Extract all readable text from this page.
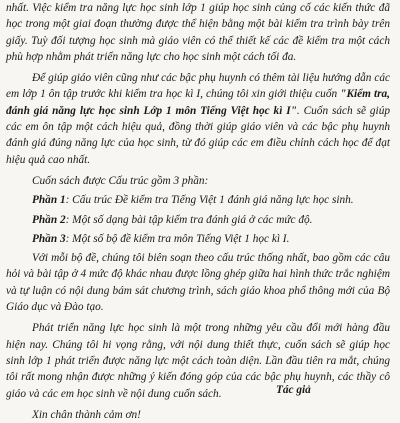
nhất. Việc kiểm tra năng lực học sinh lớp 1 giúp học sinh củng cố các kiến thức đã học trong một giai đoạn thường được thể hiện bằng một bài kiểm tra trình bày trên giấy. Tuỳ đối tượng học sinh mà giáo viên có thể thiết kế các đề kiểm tra một cách phù hợp nhằm phát triển năng lực cho học sinh một cách tối đa.

Để giúp giáo viên cũng như các bậc phụ huynh có thêm tài liệu hướng dẫn các em lớp 1 ôn tập trước khi kiểm tra học kì I, chúng tôi xin giới thiệu cuốn "Kiểm tra, đánh giá năng lực học sinh Lớp 1 môn Tiếng Việt học kì I". Cuốn sách sẽ giúp các em ôn tập một cách hiệu quả, đồng thời giúp giáo viên và các bậc phụ huynh đánh giá đúng năng lực của học sinh, từ đó giúp các em điều chỉnh cách học để đạt hiệu quả cao nhất.

Cuốn sách được Cấu trúc gồm 3 phần:

Phần 1: Cấu trúc Đề kiểm tra Tiếng Việt 1 đánh giá năng lực học sinh.

Phần 2: Một số dạng bài tập kiểm tra đánh giá ở các mức độ.

Phần 3: Một số bộ đề kiểm tra môn Tiếng Việt 1 học kì I.

Với mỗi bộ đề, chúng tôi biên soạn theo cấu trúc thống nhất, bao gồm các câu hỏi và bài tập ở 4 mức độ khác nhau được lồng ghép giữa hai hình thức trắc nghiệm và tự luận có nội dung bám sát chương trình, sách giáo khoa phổ thông mới của Bộ Giáo dục và Đào tạo.

Phát triển năng lực học sinh là một trong những yêu cầu đổi mới hàng đầu hiện nay. Chúng tôi hi vọng rằng, với nội dung thiết thực, cuốn sách sẽ giúp học sinh lớp 1 phát triển được năng lực một cách toàn diện. Lần đầu tiên ra mắt, chúng tôi rất mong nhận được những ý kiến đóng góp của các bậc phụ huynh, các thầy cô giáo và các em học sinh về nội dung cuốn sách.

Xin chân thành cảm ơn!

Tác giả
